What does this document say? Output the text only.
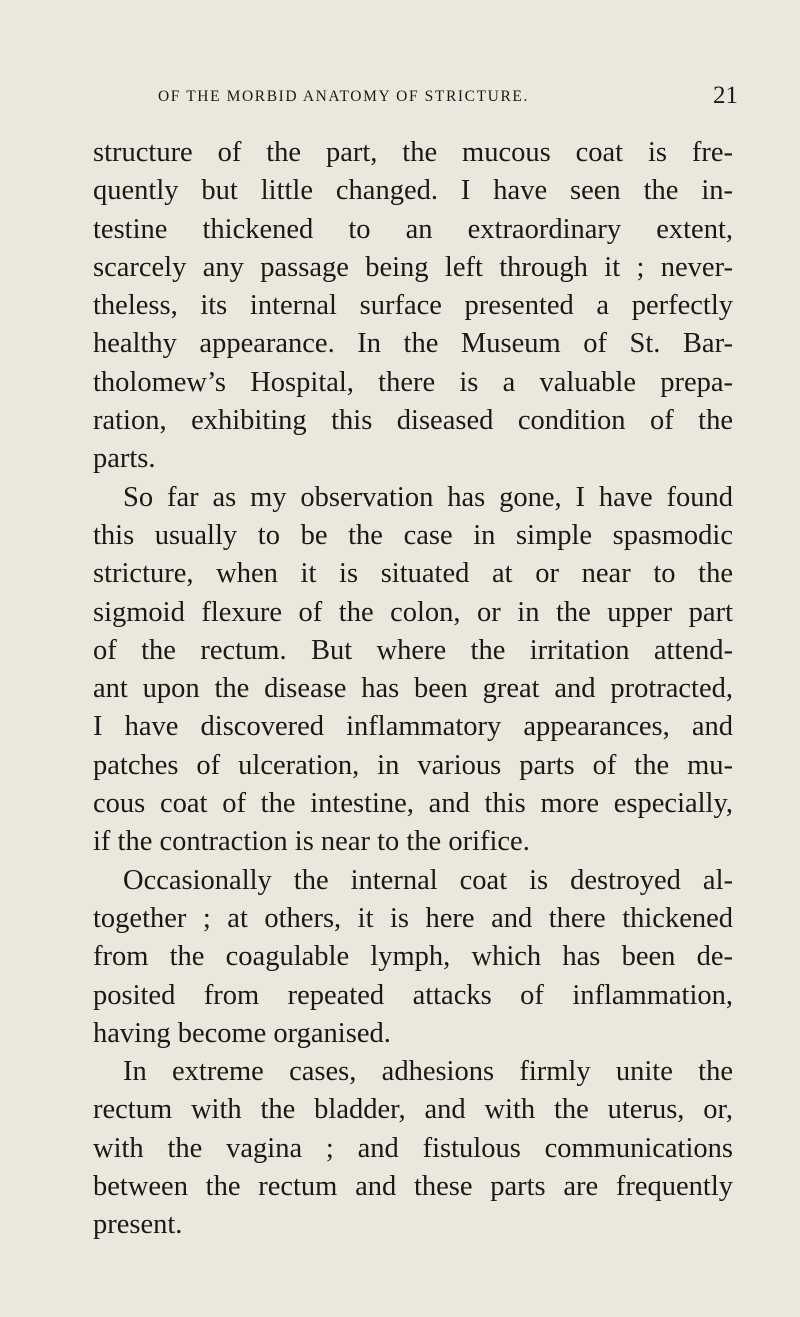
OF THE MORBID ANATOMY OF STRICTURE.	21
structure of the part, the mucous coat is fre-
quently but little changed. I have seen the in-
testine thickened to an extraordinary extent,
scarcely any passage being left through it ; never-
theless, its internal surface presented a perfectly
healthy appearance. In the Museum of St. Bar-
tholomew’s Hospital, there is a valuable prepa-
ration, exhibiting this diseased condition of the
parts.
So far as my observation has gone, I have found
this usually to be the case in simple spasmodic
stricture, when it is situated at or near to the
sigmoid flexure of the colon, or in the upper part
of the rectum. But where the irritation attend-
ant upon the disease has been great and protracted,
I have discovered inflammatory appearances, and
patches of ulceration, in various parts of the mu-
cous coat of the intestine, and this more especially,
if the contraction is near to the orifice.
Occasionally the internal coat is destroyed al-
together ; at others, it is here and there thickened
from the coagulable lymph, which has been de-
posited from repeated attacks of inflammation,
having become organised.
In extreme cases, adhesions firmly unite the
rectum with the bladder, and with the uterus, or,
with the vagina ; and fistulous communications
between the rectum and these parts are frequently
present.
